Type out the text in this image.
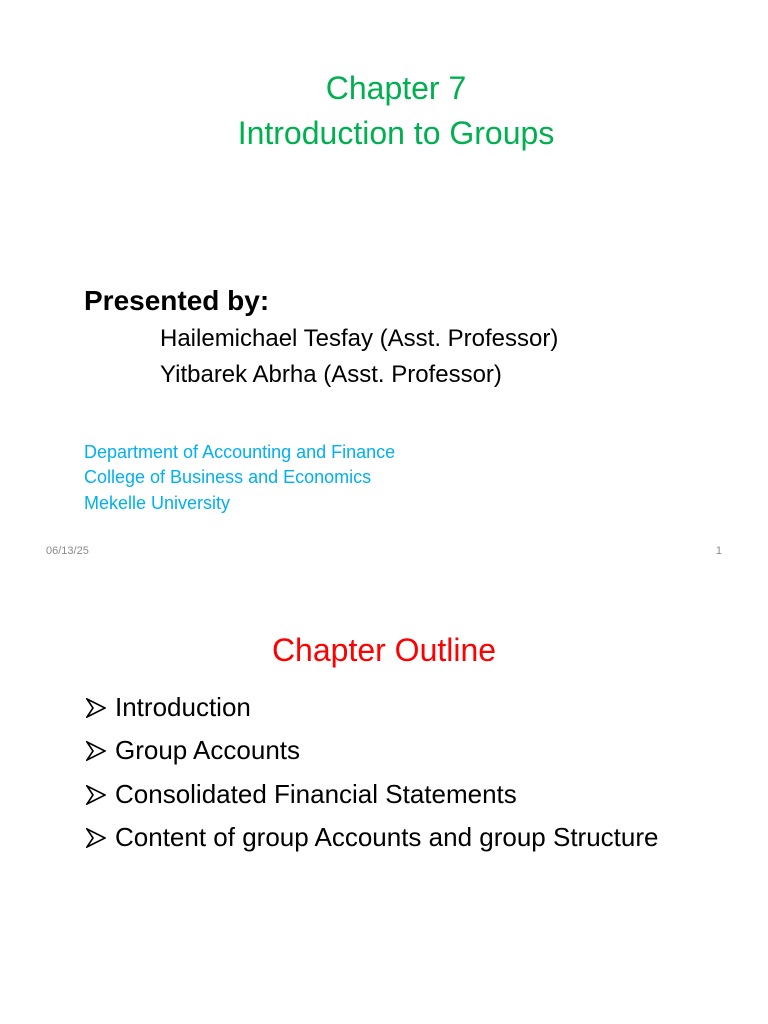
Chapter 7
Introduction to Groups
Presented by:
Hailemichael Tesfay (Asst. Professor)
Yitbarek Abrha (Asst. Professor)
Department of Accounting and Finance
College of Business and Economics
Mekelle University
06/13/25	1
Chapter Outline
Introduction
Group Accounts
Consolidated Financial Statements
Content of group Accounts and group Structure
